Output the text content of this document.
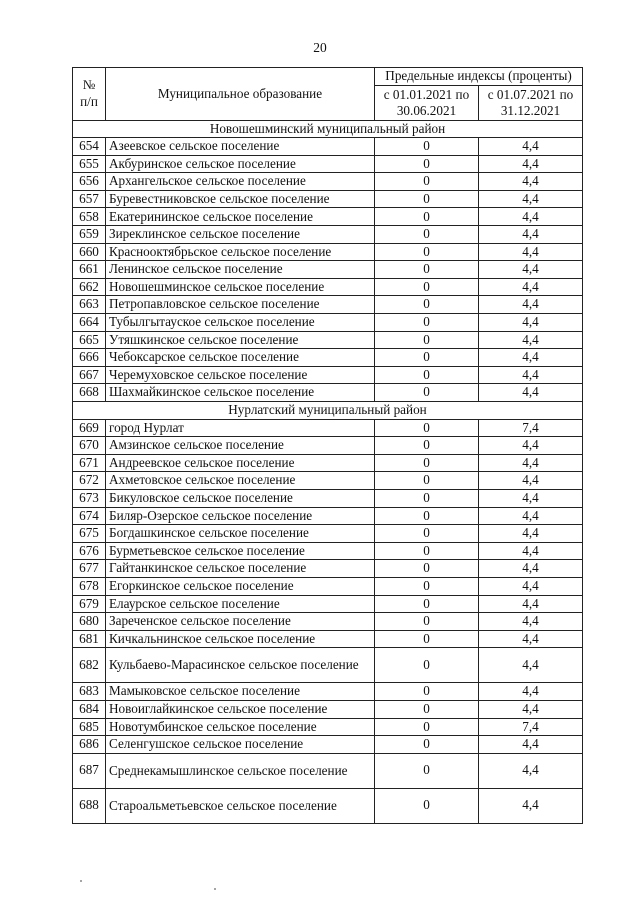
20
№ п/п	Муниципальное образование	Предельные индексы (проценты)	
		с 01.01.2021 по 30.06.2021	с 01.07.2021 по 31.12.2021
Новошешминский муниципальный район			
654	Азеевское сельское поселение	0	4,4
655	Акбуринское сельское поселение	0	4,4
656	Архангельское сельское поселение	0	4,4
657	Буревестниковское сельское поселение	0	4,4
658	Екатерининское сельское поселение	0	4,4
659	Зиреклинское сельское поселение	0	4,4
660	Краснооктябрьское сельское поселение	0	4,4
661	Ленинское сельское поселение	0	4,4
662	Новошешминское сельское поселение	0	4,4
663	Петропавловское сельское поселение	0	4,4
664	Тубылгытауское сельское поселение	0	4,4
665	Утяшкинское сельское поселение	0	4,4
666	Чебоксарское сельское поселение	0	4,4
667	Черемуховское сельское поселение	0	4,4
668	Шахмайкинское сельское поселение	0	4,4
Нурлатский муниципальный район			
669	город Нурлат	0	7,4
670	Амзинское сельское поселение	0	4,4
671	Андреевское сельское поселение	0	4,4
672	Ахметовское сельское поселение	0	4,4
673	Бикуловское сельское поселение	0	4,4
674	Биляр-Озерское сельское поселение	0	4,4
675	Богдашкинское сельское поселение	0	4,4
676	Бурметьевское сельское поселение	0	4,4
677	Гайтанкинское сельское поселение	0	4,4
678	Егоркинское сельское поселение	0	4,4
679	Елаурское сельское поселение	0	4,4
680	Зареченское сельское поселение	0	4,4
681	Кичкальнинское сельское поселение	0	4,4
682	Кульбаево-Марасинское сельское поселение	0	4,4
683	Мамыковское сельское поселение	0	4,4
684	Новоиглайкинское сельское поселение	0	4,4
685	Новотумбинское сельское поселение	0	7,4
686	Селенгушское сельское поселение	0	4,4
687	Среднекамышлинское сельское поселение	0	4,4
688	Староальметьевское сельское поселение	0	4,4
